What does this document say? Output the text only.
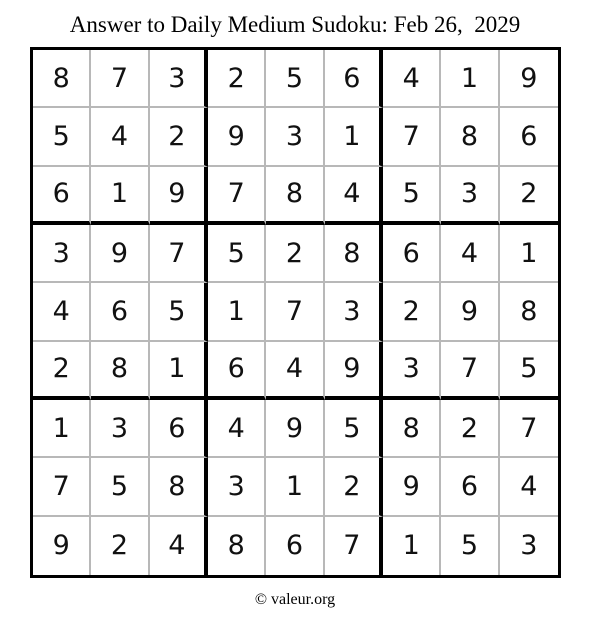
Answer to Daily Medium Sudoku: Feb 26,  2029
8	7	3	2	5	6	4	1	9
5	4	2	9	3	1	7	8	6
6	1	9	7	8	4	5	3	2
3	9	7	5	2	8	6	4	1
4	6	5	1	7	3	2	9	8
2	8	1	6	4	9	3	7	5
1	3	6	4	9	5	8	2	7
7	5	8	3	1	2	9	6	4
9	2	4	8	6	7	1	5	3
© valeur.org
